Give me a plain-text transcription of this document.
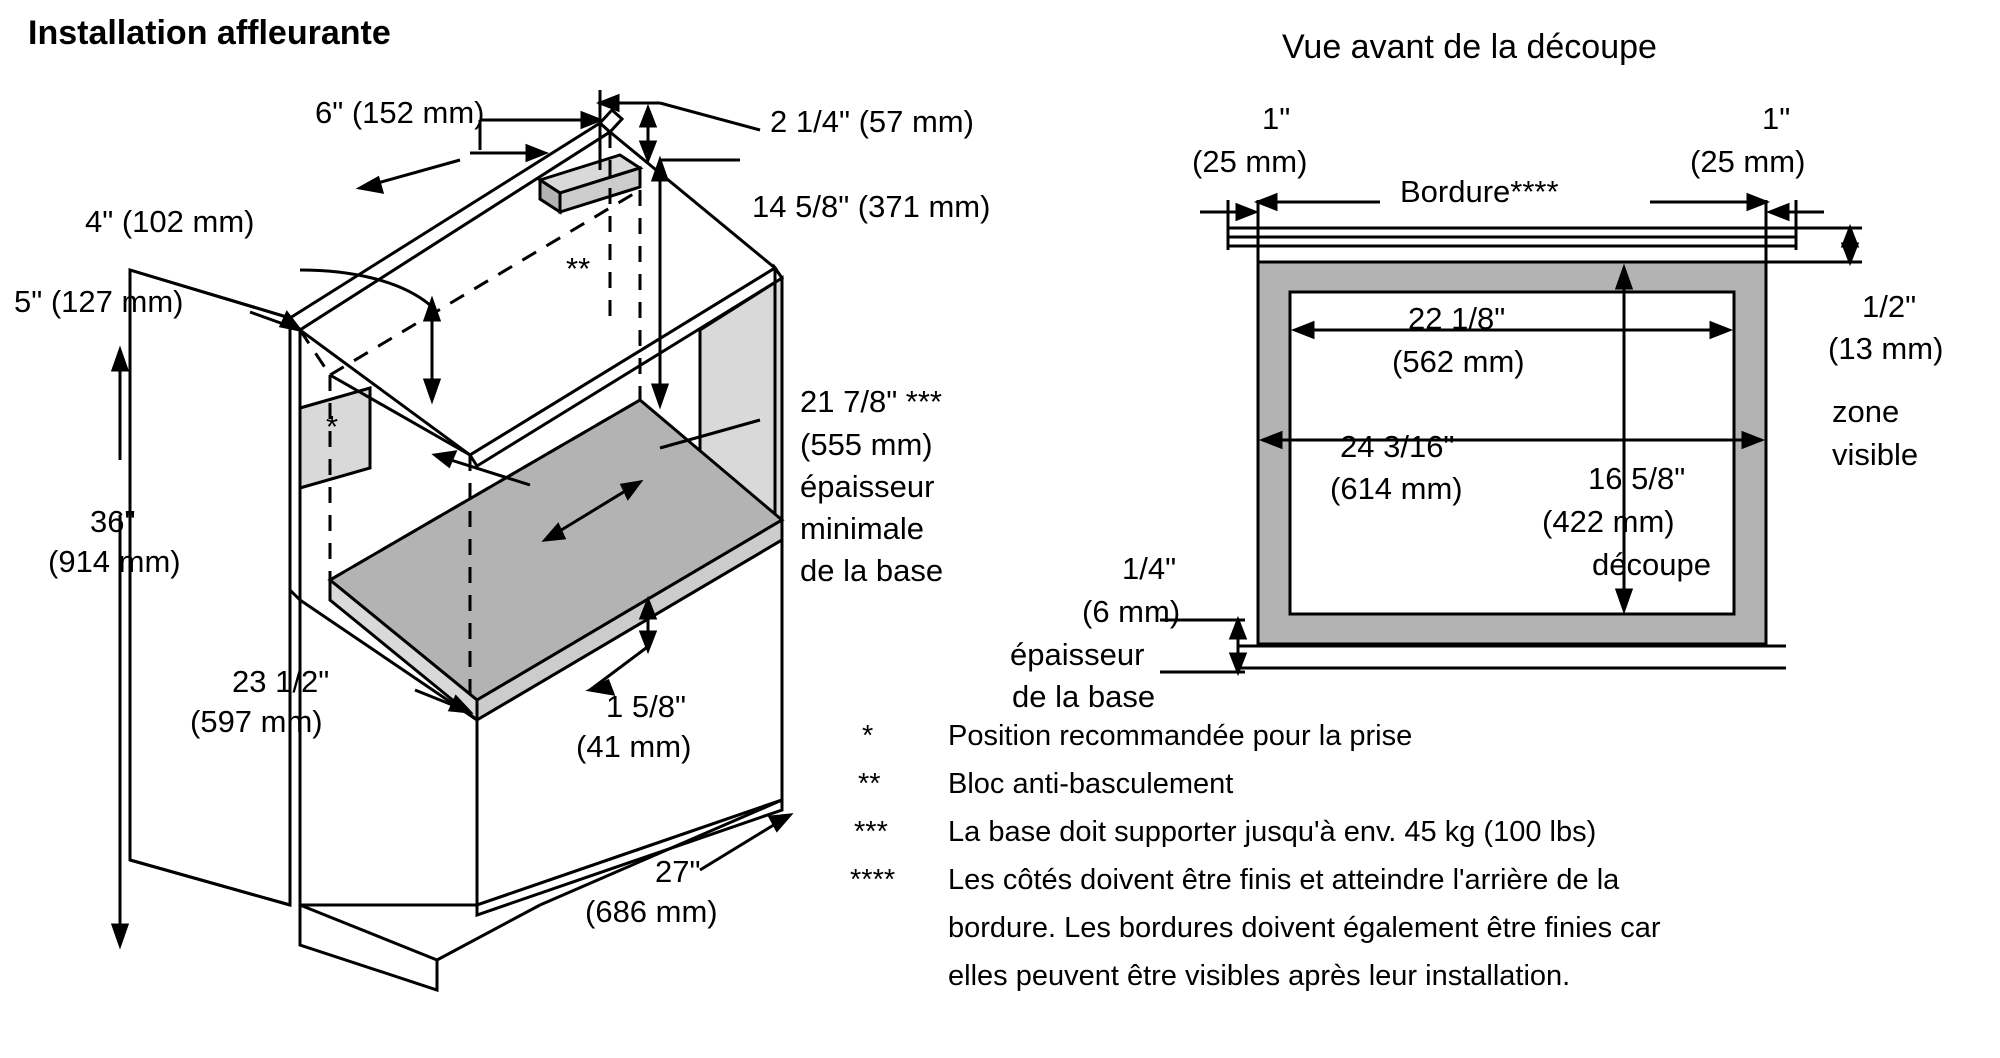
Installation affleurante	Vue avant de la découpe
6" (152 mm)	2 1/4" (57 mm)
14 5/8" (371 mm)
4" (102 mm)
5" (127 mm)
36"
(914 mm)
23 1/2"
(597 mm)	1 5/8"
(41 mm)
27"
(686 mm)
21 7/8" ***
(555 mm)
épaisseur
minimale
de la base
*
**
1"
(25 mm)
1"
(25 mm)
Bordure****
22 1/8"
(562 mm)
24 3/16"
(614 mm)	16 5/8"
(422 mm)
découpe
1/2"
(13 mm)
zone
visible
1/4"
(6 mm)
épaisseur
de la base
*	Position recommandée pour la prise
** Bloc anti-basculement
*** La base doit supporter jusqu'à env. 45 kg (100 lbs)
**** Les côtés doivent être finis et atteindre l'arrière de la
bordure. Les bordures doivent également être finies car
elles peuvent être visibles après leur installation.
